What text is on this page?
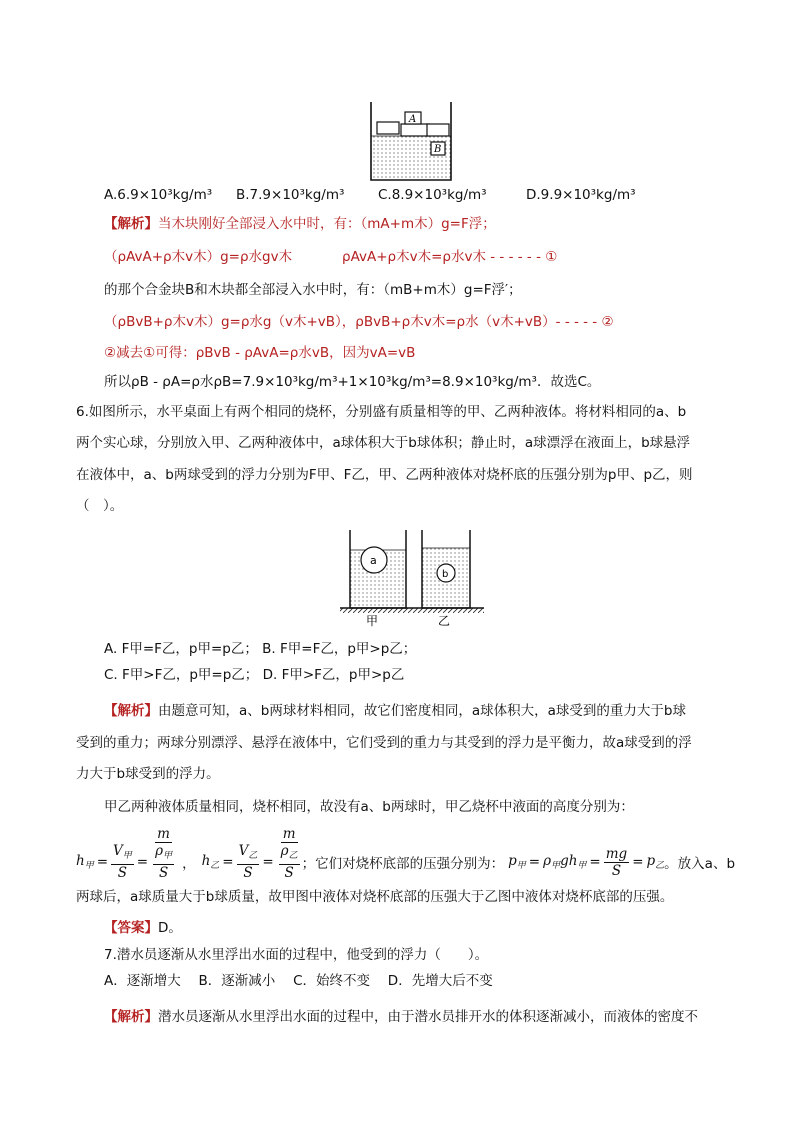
A
B
A.6.9×10³kg/m³ B.7.9×10³kg/m³ C.8.9×10³kg/m³	D.9.9×10³kg/m³
【解析】当木块刚好全部浸入水中时，有：（mA+m木）g=F浮；
（ρAvA+ρ木v木）g=ρ水gv木	ρAvA+ρ木v木=ρ水v木 - - - - - - ①
的那个合金块B和木块都全部浸入水中时，有：（mB+m木）g=F浮′；
（ρBvB+ρ木v木）g=ρ水g（v木+vB），ρBvB+ρ木v木=ρ水（v木+vB）- - - - - ②
②减去①可得：ρBvB - ρAvA=ρ水vB，因为vA=vB
所以ρB - ρA=ρ水ρB=7.9×10³kg/m³+1×10³kg/m³=8.9×10³kg/m³．故选C。
6.如图所示，水平桌面上有两个相同的烧杯，分别盛有质量相等的甲、乙两种液体。将材料相同的a、b
两个实心球，分别放入甲、乙两种液体中，a球体积大于b球体积；静止时，a球漂浮在液面上，b球悬浮
在液体中，a、b两球受到的浮力分别为F甲、F乙，甲、乙两种液体对烧杯底的压强分别为p甲、p乙，则
（　）。
a
b
甲	乙
A. F甲=F乙，p甲=p乙； B. F甲=F乙，p甲>p乙；
C. F甲>F乙，p甲=p乙； D. F甲>F乙，p甲>p乙
【解析】由题意可知，a、b两球材料相同，故它们密度相同，a球体积大，a球受到的重力大于b球
受到的重力；两球分别漂浮、悬浮在液体中，它们受到的重力与其受到的浮力是平衡力，故a球受到的浮
力大于b球受到的浮力。
甲乙两种液体质量相同，烧杯相同，故没有a、b两球时，甲乙烧杯中液面的高度分别为：
$h_甲 = \frac{V_甲}{S} = \frac{m}{\frac{\rho_甲}{S}}$ ， $h_乙 = \frac{V_乙}{S} = \frac{m}{\frac{\rho_乙}{S}}$ ；它们对烧杯底部的压强分别为： $p_甲 = \rho_甲gh_甲 = \frac{mg}{S} = p_乙$ 。放入a、b
两球后，a球质量大于b球质量，故甲图中液体对烧杯底部的压强大于乙图中液体对烧杯底部的压强。
【答案】D。
7.潜水员逐渐从水里浮出水面的过程中，他受到的浮力（　　）。
A．逐渐增大　 B．逐渐减小　 C．始终不变　 D．先增大后不变
【解析】潜水员逐渐从水里浮出水面的过程中，由于潜水员排开水的体积逐渐减小，而液体的密度不
